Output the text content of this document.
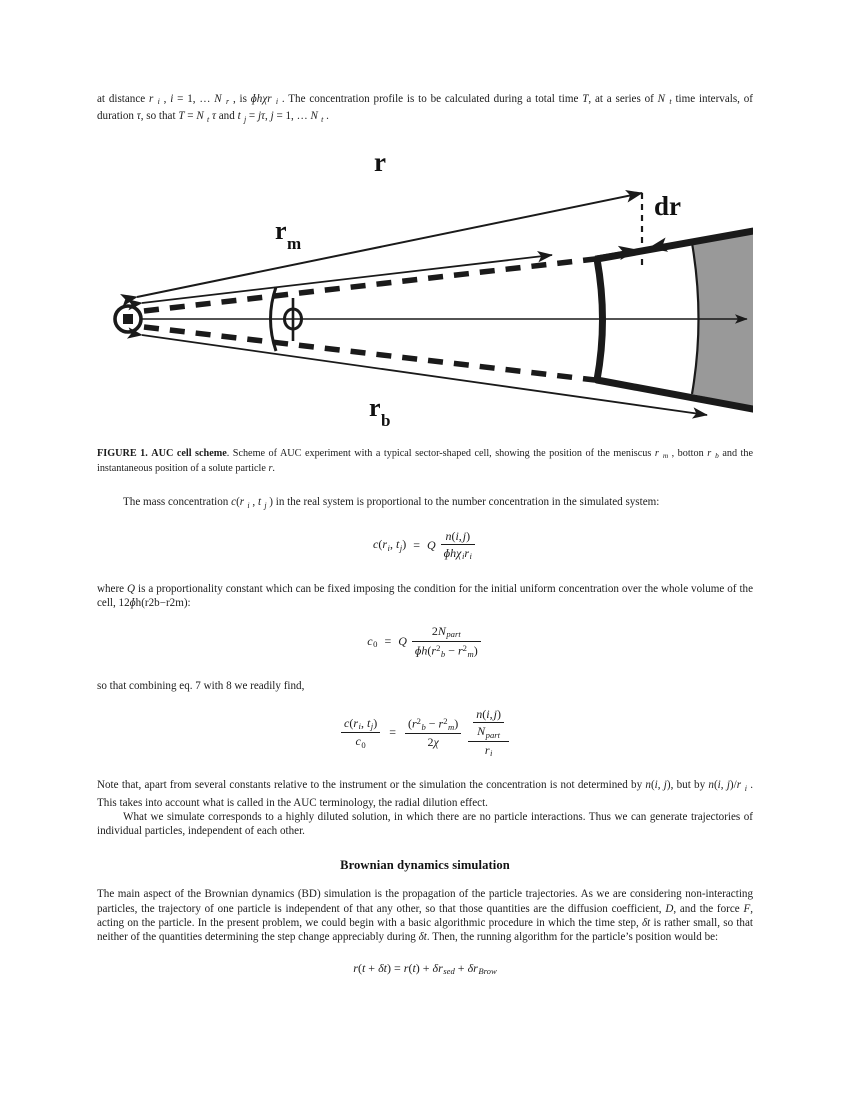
at distance r $_i$ , i = 1, … N $_r$ , is ɸhχr $_i$ . The concentration profile is to be calculated during a total time T, at a series of N $_t$ time intervals, of duration τ, so that T = N $_t$ τ and t $_j$ = jτ, j = 1, … N $_t$ .

r
dr
r m
r b

FIGURE 1. AUC cell scheme. Scheme of AUC experiment with a typical sector-shaped cell, showing the position of the meniscus r $_m$ , botton r $_b$ and the instantaneous position of a solute particle r.

The mass concentration c(r $_i$ , t $_j$ ) in the real system is proportional to the number concentration in the simulated system:

$c(r_i$, $t_j) = Q \frac{n(i, j)}{ɸh\chi_ir_i}$

where Q is a proportionality constant which can be fixed imposing the condition for the initial uniform concentration over the whole volume of the cell, 12ɸh(r2b−r2m):

$c_0 = Q \frac{2N_{part}}{ɸh(r^2_b - r^2_m)}$

so that combining eq. 7 with 8 we readily find,

$\frac{c(r_i, t_j)}{c_0} = \frac{(r^2_b - r^2_m)}{2\chi}$
$\frac{\frac{n(i, j)}{N_{part}}}{r_i}$

Note that, apart from several constants relative to the instrument or the simulation the concentration is not determined by n(i, j), but by n(i, j)/r $_i$ . This takes into account what is called in the AUC terminology, the radial dilution effect.

What we simulate corresponds to a highly diluted solution, in which there are no particle interactions. Thus we can generate trajectories of individual particles, independent of each other.

Brownian dynamics simulation

The main aspect of the Brownian dynamics (BD) simulation is the propagation of the particle trajectories. As we are considering non-interacting particles, the trajectory of one particle is independent of that any other, so that those quantities are the diffusion coefficient, D, and the force F, acting on the particle. In the present problem, we could begin with a basic algorithmic procedure in which the time step, δt is rather small, so that neither of the quantities determining the step change appreciably during δt. Then, the running algorithm for the particle’s position would be:

$r(t + \delta t) = r(t) + \delta r_{sed} + \delta r_{Brow}$
